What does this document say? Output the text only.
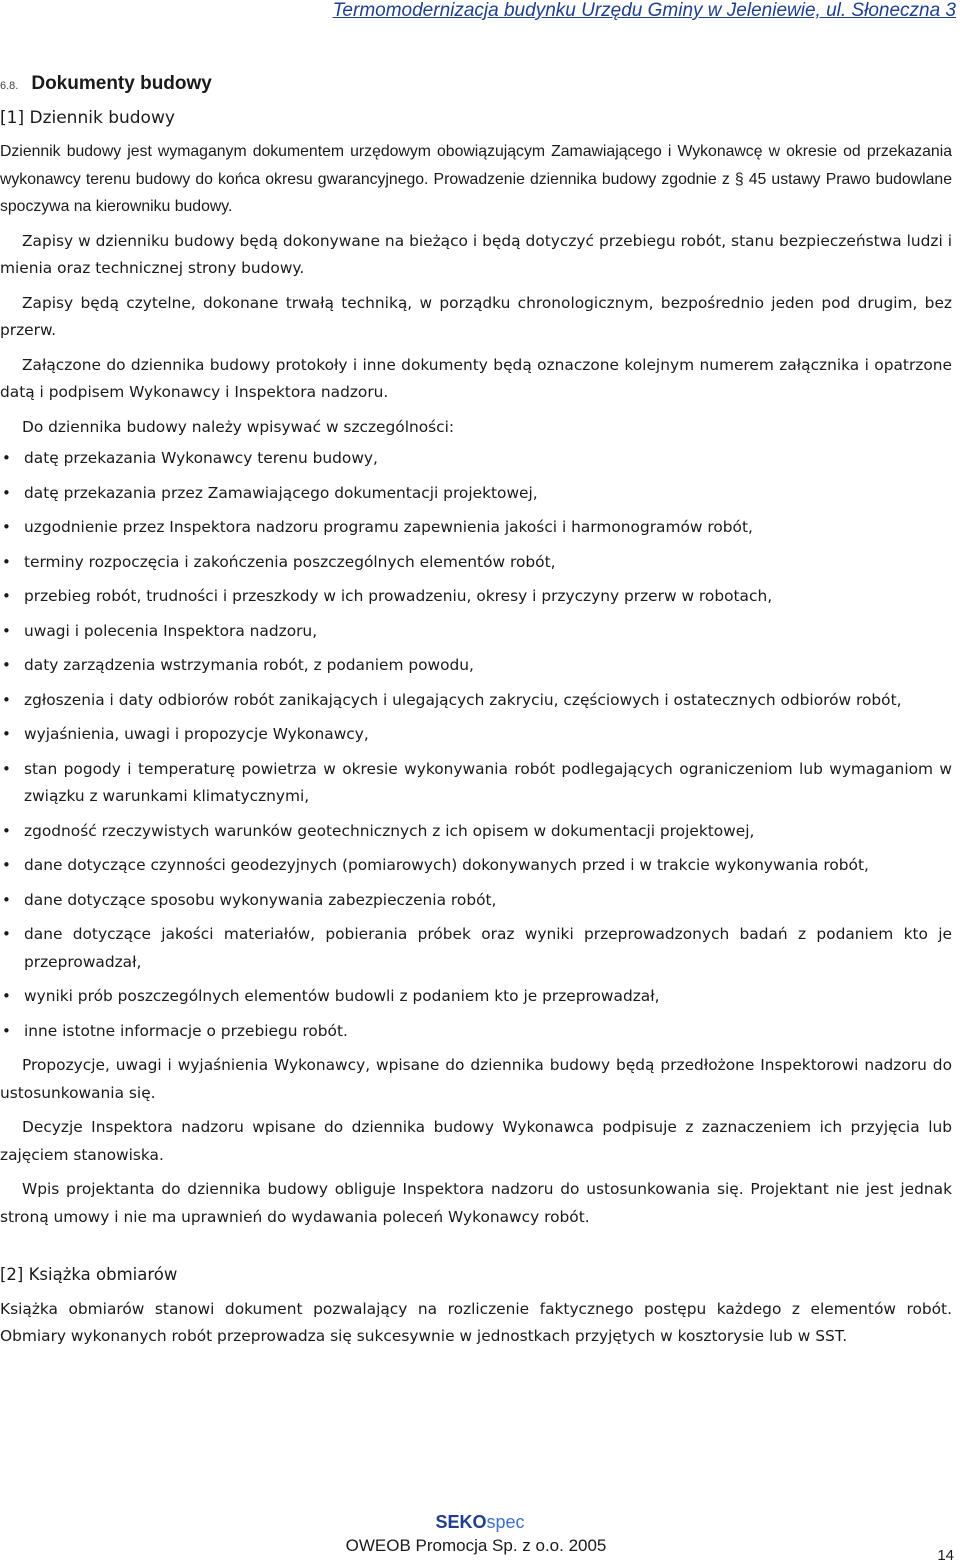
Termomodernizacja budynku Urzędu Gminy w Jeleniewie, ul. Słoneczna 3
6.8. Dokumenty budowy
[1] Dziennik budowy

Dziennik budowy jest wymaganym dokumentem urzędowym obowiązującym Zamawiającego i Wykonawcę w okresie od przekazania wykonawcy terenu budowy do końca okresu gwarancyjnego. Prowadzenie dziennika budowy zgodnie z § 45 ustawy Prawo budowlane spoczywa na kierowniku budowy.

Zapisy w dzienniku budowy będą dokonywane na bieżąco i będą dotyczyć przebiegu robót, stanu bezpieczeństwa ludzi i mienia oraz technicznej strony budowy.

Zapisy będą czytelne, dokonane trwałą techniką, w porządku chronologicznym, bezpośrednio jeden pod drugim, bez przerw.

Załączone do dziennika budowy protokoły i inne dokumenty będą oznaczone kolejnym numerem załącznika i opatrzone datą i podpisem Wykonawcy i Inspektora nadzoru.

Do dziennika budowy należy wpisywać w szczególności:

• datę przekazania Wykonawcy terenu budowy,
• datę przekazania przez Zamawiającego dokumentacji projektowej,
• uzgodnienie przez Inspektora nadzoru programu zapewnienia jakości i harmonogramów robót,
• terminy rozpoczęcia i zakończenia poszczególnych elementów robót,
• przebieg robót, trudności i przeszkody w ich prowadzeniu, okresy i przyczyny przerw w robotach,
• uwagi i polecenia Inspektora nadzoru,
• daty zarządzenia wstrzymania robót, z podaniem powodu,
• zgłoszenia i daty odbiorów robót zanikających i ulegających zakryciu, częściowych i ostatecznych odbiorów robót,
• wyjaśnienia, uwagi i propozycje Wykonawcy,
• stan pogody i temperaturę powietrza w okresie wykonywania robót podlegających ograniczeniom lub wymaganiom w związku z warunkami klimatycznymi,
• zgodność rzeczywistych warunków geotechnicznych z ich opisem w dokumentacji projektowej,
• dane dotyczące czynności geodezyjnych (pomiarowych) dokonywanych przed i w trakcie wykonywania robót,
• dane dotyczące sposobu wykonywania zabezpieczenia robót,
• dane dotyczące jakości materiałów, pobierania próbek oraz wyniki przeprowadzonych badań z podaniem kto je przeprowadzał,
• wyniki prób poszczególnych elementów budowli z podaniem kto je przeprowadzał,
• inne istotne informacje o przebiegu robót.

Propozycje, uwagi i wyjaśnienia Wykonawcy, wpisane do dziennika budowy będą przedłożone Inspektorowi nadzoru do ustosunkowania się.

Decyzje Inspektora nadzoru wpisane do dziennika budowy Wykonawca podpisuje z zaznaczeniem ich przyjęcia lub zajęciem stanowiska.

Wpis projektanta do dziennika budowy obliguje Inspektora nadzoru do ustosunkowania się. Projektant nie jest jednak stroną umowy i nie ma uprawnień do wydawania poleceń Wykonawcy robót.

[2] Książka obmiarów

Książka obmiarów stanowi dokument pozwalający na rozliczenie faktycznego postępu każdego z elementów robót. Obmiary wykonanych robót przeprowadza się sukcesywnie w jednostkach przyjętych w kosztorysie lub w SST.

SEKOspec
OWEOB Promocja Sp. z o.o. 2005
14
